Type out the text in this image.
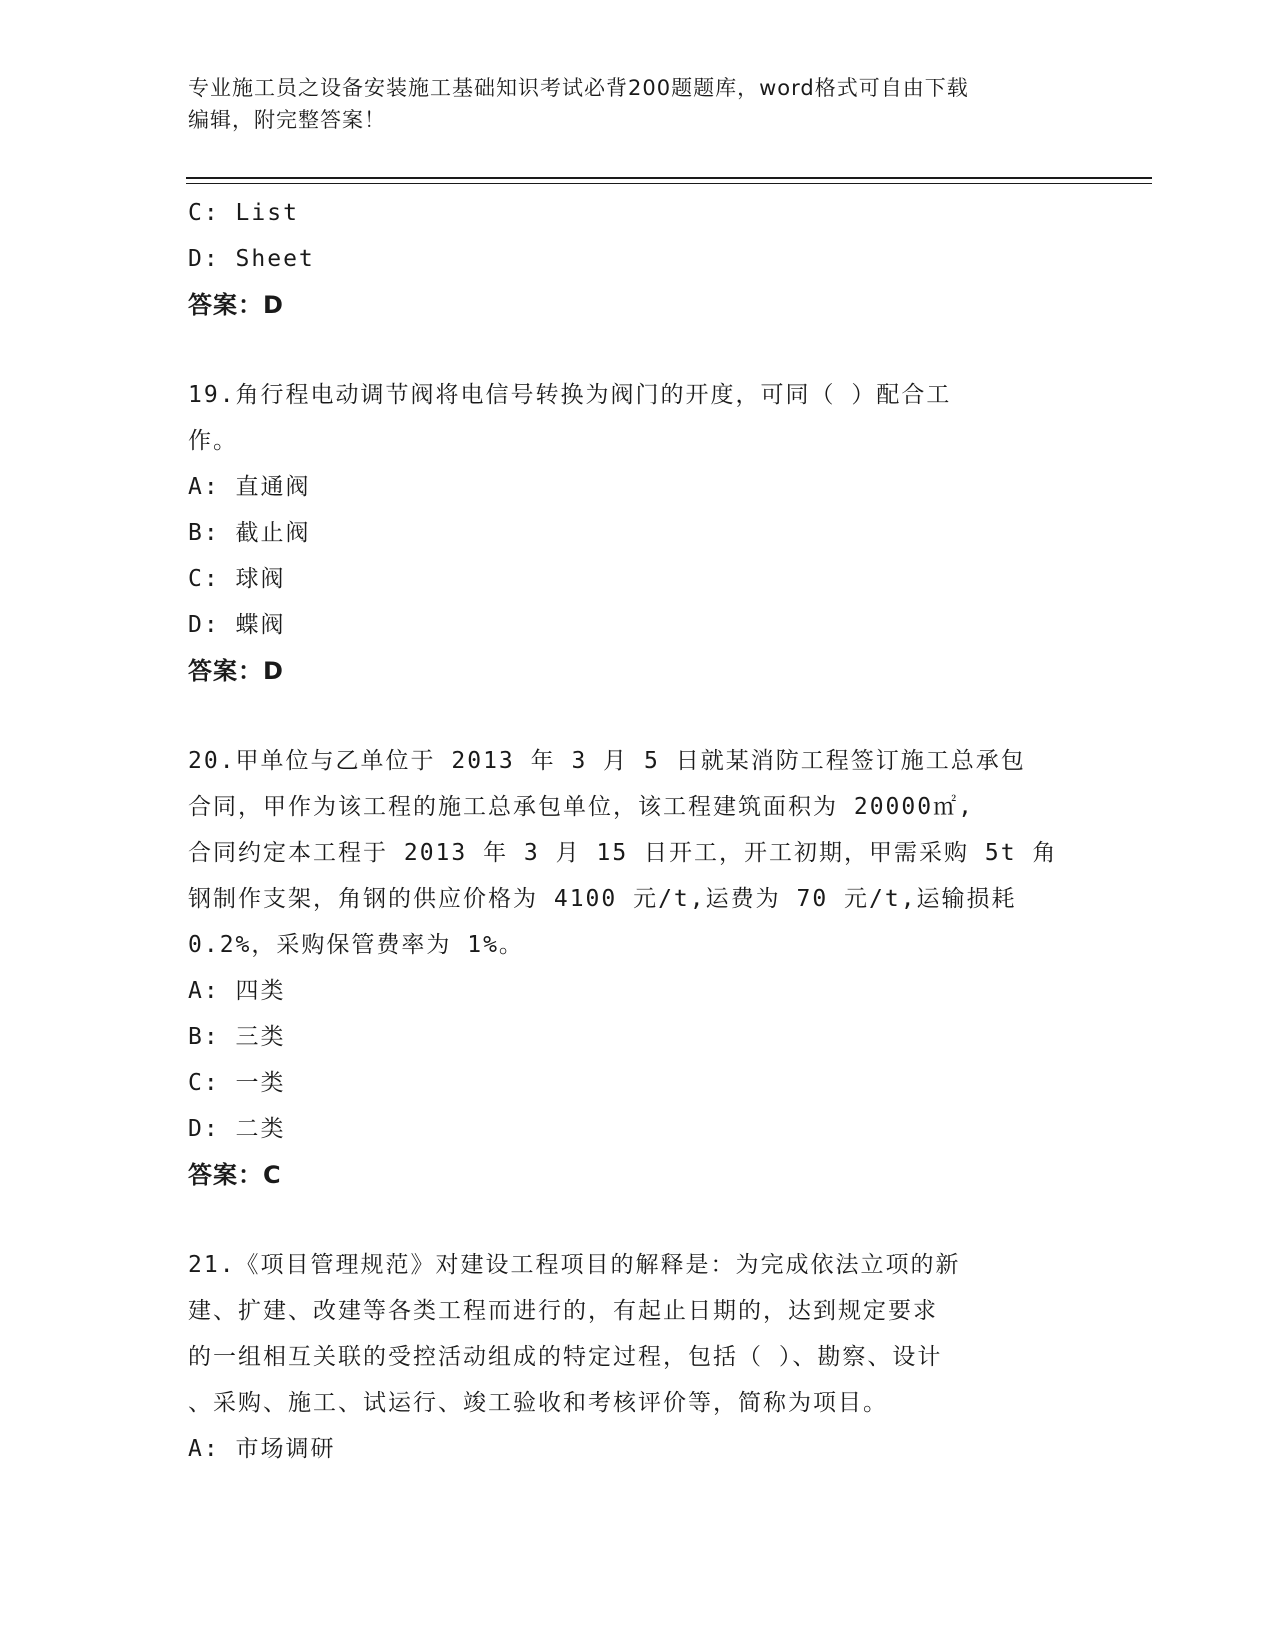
专业施工员之设备安装施工基础知识考试必背200题题库，word格式可自由下载
编辑，附完整答案！
C: List
D: Sheet
答案：D
19.角行程电动调节阀将电信号转换为阀门的开度，可同（ ）配合工
作。
A: 直通阀
B: 截止阀
C: 球阀
D: 蝶阀
答案：D
20.甲单位与乙单位于 2013 年 3 月 5 日就某消防工程签订施工总承包
合同，甲作为该工程的施工总承包单位，该工程建筑面积为 20000㎡,
合同约定本工程于 2013 年 3 月 15 日开工，开工初期，甲需采购 5t 角
钢制作支架，角钢的供应价格为 4100 元/t,运费为 70 元/t,运输损耗
0.2%，采购保管费率为 1%。
A: 四类
B: 三类
C: 一类
D: 二类
答案：C
21.《项目管理规范》对建设工程项目的解释是：为完成依法立项的新
建、扩建、改建等各类工程而进行的，有起止日期的，达到规定要求
的一组相互关联的受控活动组成的特定过程，包括（ ）、勘察、设计
、采购、施工、试运行、竣工验收和考核评价等，简称为项目。
A: 市场调研
